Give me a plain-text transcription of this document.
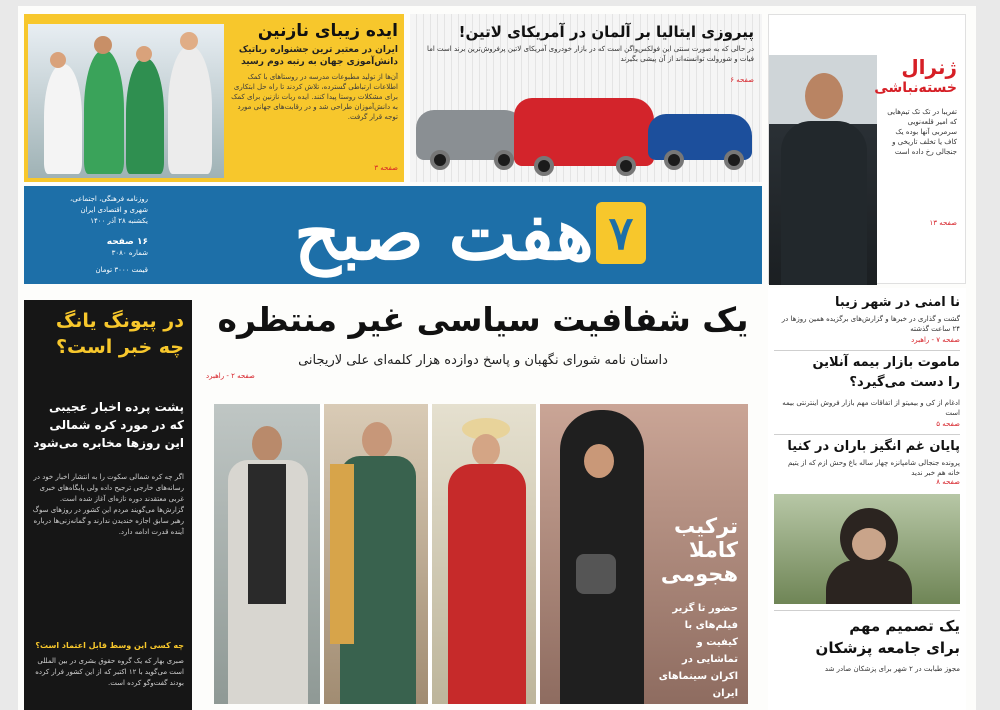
ایده زیبای نازنین
ایران در معتبر ترین جشنواره رباتیک دانش‌آموزی جهان به رتبه دوم رسید
آن‌ها از تولید مطبوعات مدرسه در روستاهای با کمک اطلاعات ارتباطی گسترده، تلاش کردند تا راه حل ابتکاری برای مشکلات روستا پیدا کنند. ایده ربات نازنین برای کمک به دانش‌آموزان طراحی شد و در رقابت‌های جهانی مورد توجه قرار گرفت.
صفحه ۳
پیروزی ایتالیا بر آلمان در آمریکای لاتین!
در حالی که به صورت سنتی این فولکس‌واگن است که در بازار خودروی آمریکای لاتین پرفروش‌ترین برند است اما فیات و شورولت توانسته‌اند از آن پیشی بگیرند
صفحه ۶
ژنرال
خسته‌نباشی
تفریبا در تک تک تیم‌هایی که امیر قلعه‌نویی سرمربی آنها بوده یک کاف یا تخلف تاریخی و جنجالی رخ داده است
صفحه ۱۳
هفت صبح ۷
روزنامه فرهنگی، اجتماعی،
شهری و اقتصادی ایران
یکشنبه ۲۸ آذر ۱۴۰۰
۱۶ صفحه
شماره ۳۰۸۰
قیمت ۳۰۰۰ تومان
یک شفافیت سیاسی غیر منتظره
داستان نامه شورای نگهبان و پاسخ دوازده هزار کلمه‌ای علی لاریجانی
صفحه ۲ - راهبرد
در پیونگ یانگ
چه خبر است؟
پشت پرده اخبار عجیبی که در مورد کره شمالی این روزها مخابره می‌شود
اگر چه کره شمالی سکوت را به انتشار اخبار خود در رسانه‌های خارجی ترجیح داده ولی پایگاه‌های خبری غربی معتقدند دوره تازه‌ای آغاز شده است. گزارش‌ها می‌گویند مردم این کشور در روزهای سوگ رهبر سابق اجازه خندیدن ندارند و گمانه‌زنی‌ها درباره آینده قدرت ادامه دارد.
چه کسی این وسط قابل اعتماد است؟
صبری بهار که یک گروه حقوق بشری در بین المللی است می‌گوید با ۱۲ اکتبر که از این کشور فرار کرده بودند گفت‌وگو کرده است.
ترکیب
کاملا
هجومی
حضور تا گزیر فیلم‌های با کیفیت و تماشایی در اکران سینماهای ایران
نا امنی در شهر زیبا
گشت و گذاری در خبرها و گزارش‌های برگزیده همین روزها در ۲۴ ساعت گذشته
صفحه ۷ - راهبرد
ماموت بازار بیمه آنلاین
را دست می‌گیرد؟
ادغام از کی و بیمیتو از اتفاقات مهم بازار فروش اینترنتی بیمه است
صفحه ۵
پایان غم انگیز باران در کنیا
پرونده جنجالی شامپانزه چهار ساله باغ وحش ازم که از یتیم خانه هم خبر ندید
صفحه ۸
یک تصمیم مهم
برای جامعه پزشکان
مجوز طبابت در ۲ شهر برای پزشکان صادر شد
